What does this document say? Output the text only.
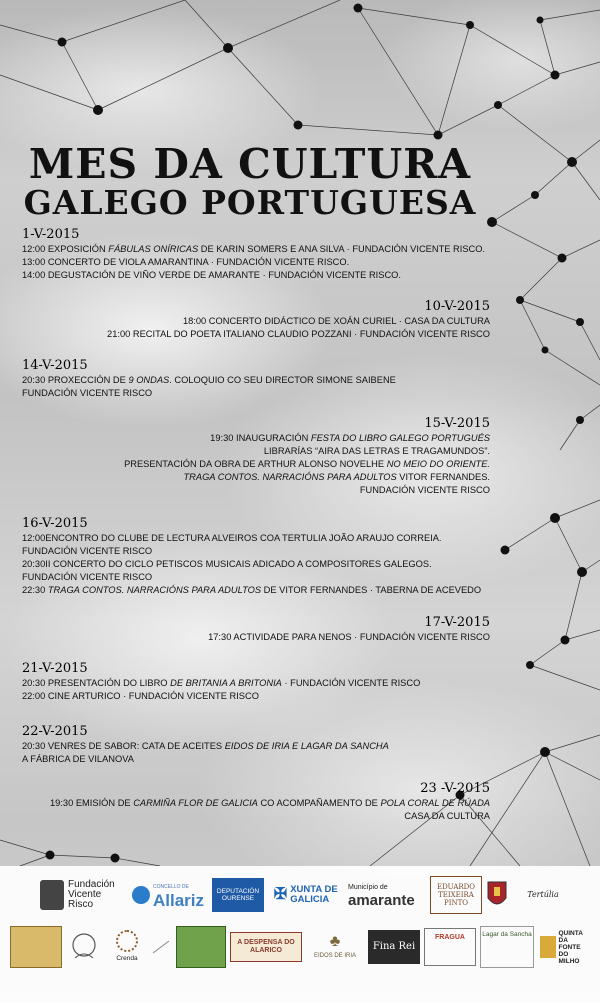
MES DA CULTURA
GALEGO PORTUGUESA
1-V-2015
12:00 EXPOSICIÓN FÁBULAS ONÍRICAS DE KARIN SOMERS E ANA SILVA · FUNDACIÓN VICENTE RISCO.
13:00 CONCERTO DE VIOLA AMARANTINA · FUNDACIÓN VICENTE RISCO.
14:00 DEGUSTACIÓN DE VIÑO VERDE DE AMARANTE · FUNDACIÓN VICENTE RISCO.
10-V-2015
18:00 CONCERTO DIDÁCTICO DE XOÁN CURIEL · CASA DA CULTURA
21:00 RECITAL DO POETA ITALIANO CLAUDIO POZZANI · FUNDACIÓN VICENTE RISCO
14-V-2015
20:30 PROXECCIÓN DE 9 ONDAS. COLOQUIO CO SEU DIRECTOR SIMONE SAIBENE
FUNDACIÓN VICENTE RISCO
15-V-2015
19:30 INAUGURACIÓN FESTA DO LIBRO GALEGO PORTUGUÉS
LIBRARÍAS “AIRA DAS LETRAS E TRAGAMUNDOS”.
PRESENTACIÓN DA OBRA DE ARTHUR ALONSO NOVELHE NO MEIO DO ORIENTE.
TRAGA CONTOS. NARRACIÓNS PARA ADULTOS VITOR FERNANDES.
FUNDACIÓN VICENTE RISCO
16-V-2015
12:00ENCONTRO DO CLUBE DE LECTURA ALVEIROS COA TERTULIA JOÃO ARAUJO CORREIA.
FUNDACIÓN VICENTE RISCO
20:30II CONCERTO DO CICLO PETISCOS MUSICAIS ADICADO A COMPOSITORES GALEGOS.
FUNDACIÓN VICENTE RISCO
22:30 TRAGA CONTOS. NARRACIÓNS PARA ADULTOS DE VITOR FERNANDES · TABERNA DE ACEVEDO
17-V-2015
17:30 ACTIVIDADE PARA NENOS · FUNDACIÓN VICENTE RISCO
21-V-2015
20:30 PRESENTACIÓN DO LIBRO DE BRITANIA A BRITONIA · FUNDACIÓN VICENTE RISCO
22:00 CINE ARTURICO · FUNDACIÓN VICENTE RISCO
22-V-2015
20:30 VENRES DE SABOR: CATA DE ACEITES EIDOS DE IRIA E LAGAR DA SANCHA
A FÁBRICA DE VILANOVA
23 -V-2015
19:30 EMISIÓN DE CARMIÑA FLOR DE GALICIA CO ACOMPAÑAMENTO DE POLA CORAL DE RÚADA
CASA DA CULTURA
Fundación Vicente Risco
CONCELLO DE
Allariz	DEPUTACIÓN OURENSE	✠ XUNTA DE GALICIA
Município de
amarante
EDUARDO TEIXEIRA PINTO
Tertúlia
Crenda
A DESPENSA DO ALARICO
♣
EIDOS DE IRIA
Fina Rei
FRAGUA	Lagar da Sancha	QUINTA DA FONTE DO MILHO
